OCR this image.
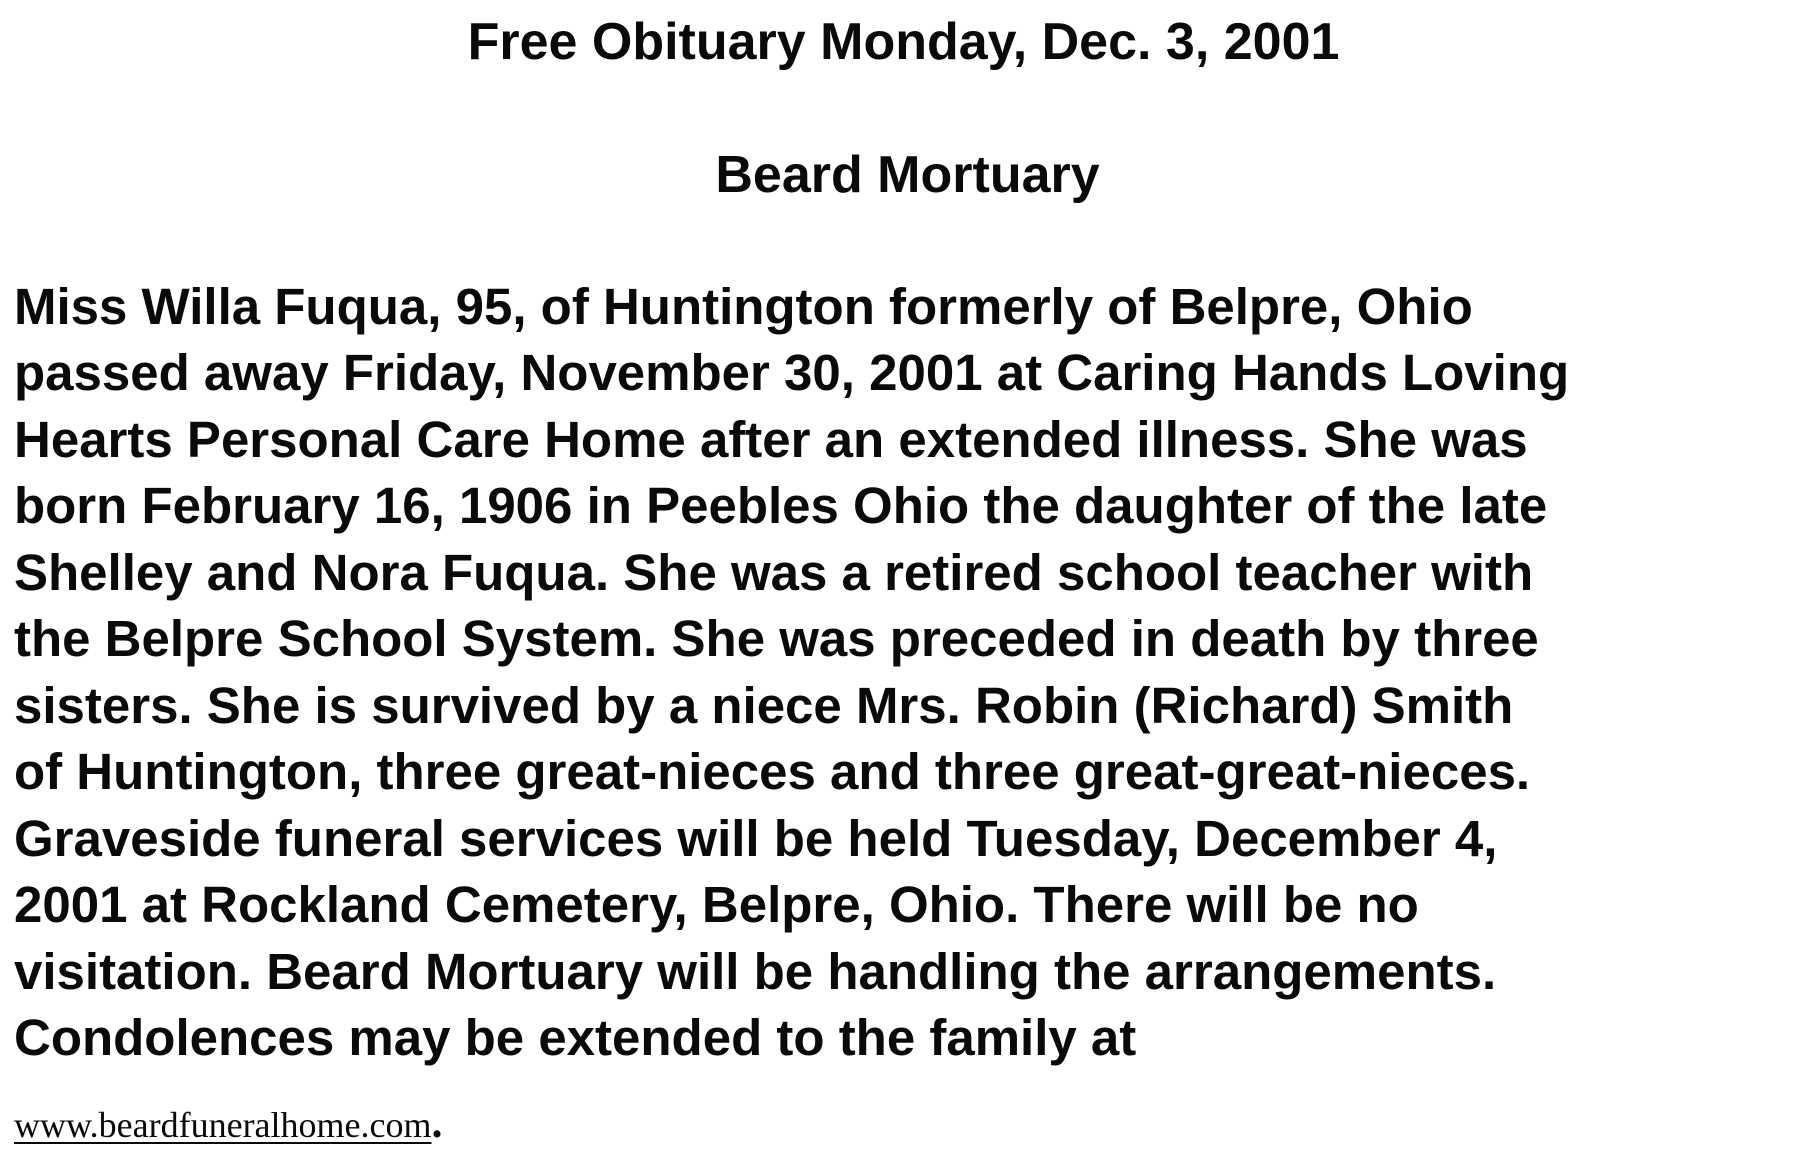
Free Obituary Monday, Dec. 3, 2001
Beard Mortuary
Miss Willa Fuqua, 95, of Huntington formerly of Belpre, Ohio
passed away Friday, November 30, 2001 at Caring Hands Loving
Hearts Personal Care Home after an extended illness. She was
born February 16, 1906 in Peebles Ohio the daughter of the late
Shelley and Nora Fuqua. She was a retired school teacher with
the Belpre School System. She was preceded in death by three
sisters. She is survived by a niece Mrs. Robin (Richard) Smith
of Huntington, three great-nieces and three great-great-nieces.
Graveside funeral services will be held Tuesday, December 4,
2001 at Rockland Cemetery, Belpre, Ohio. There will be no
visitation. Beard Mortuary will be handling the arrangements.
Condolences may be extended to the family at
www.beardfuneralhome.com.
